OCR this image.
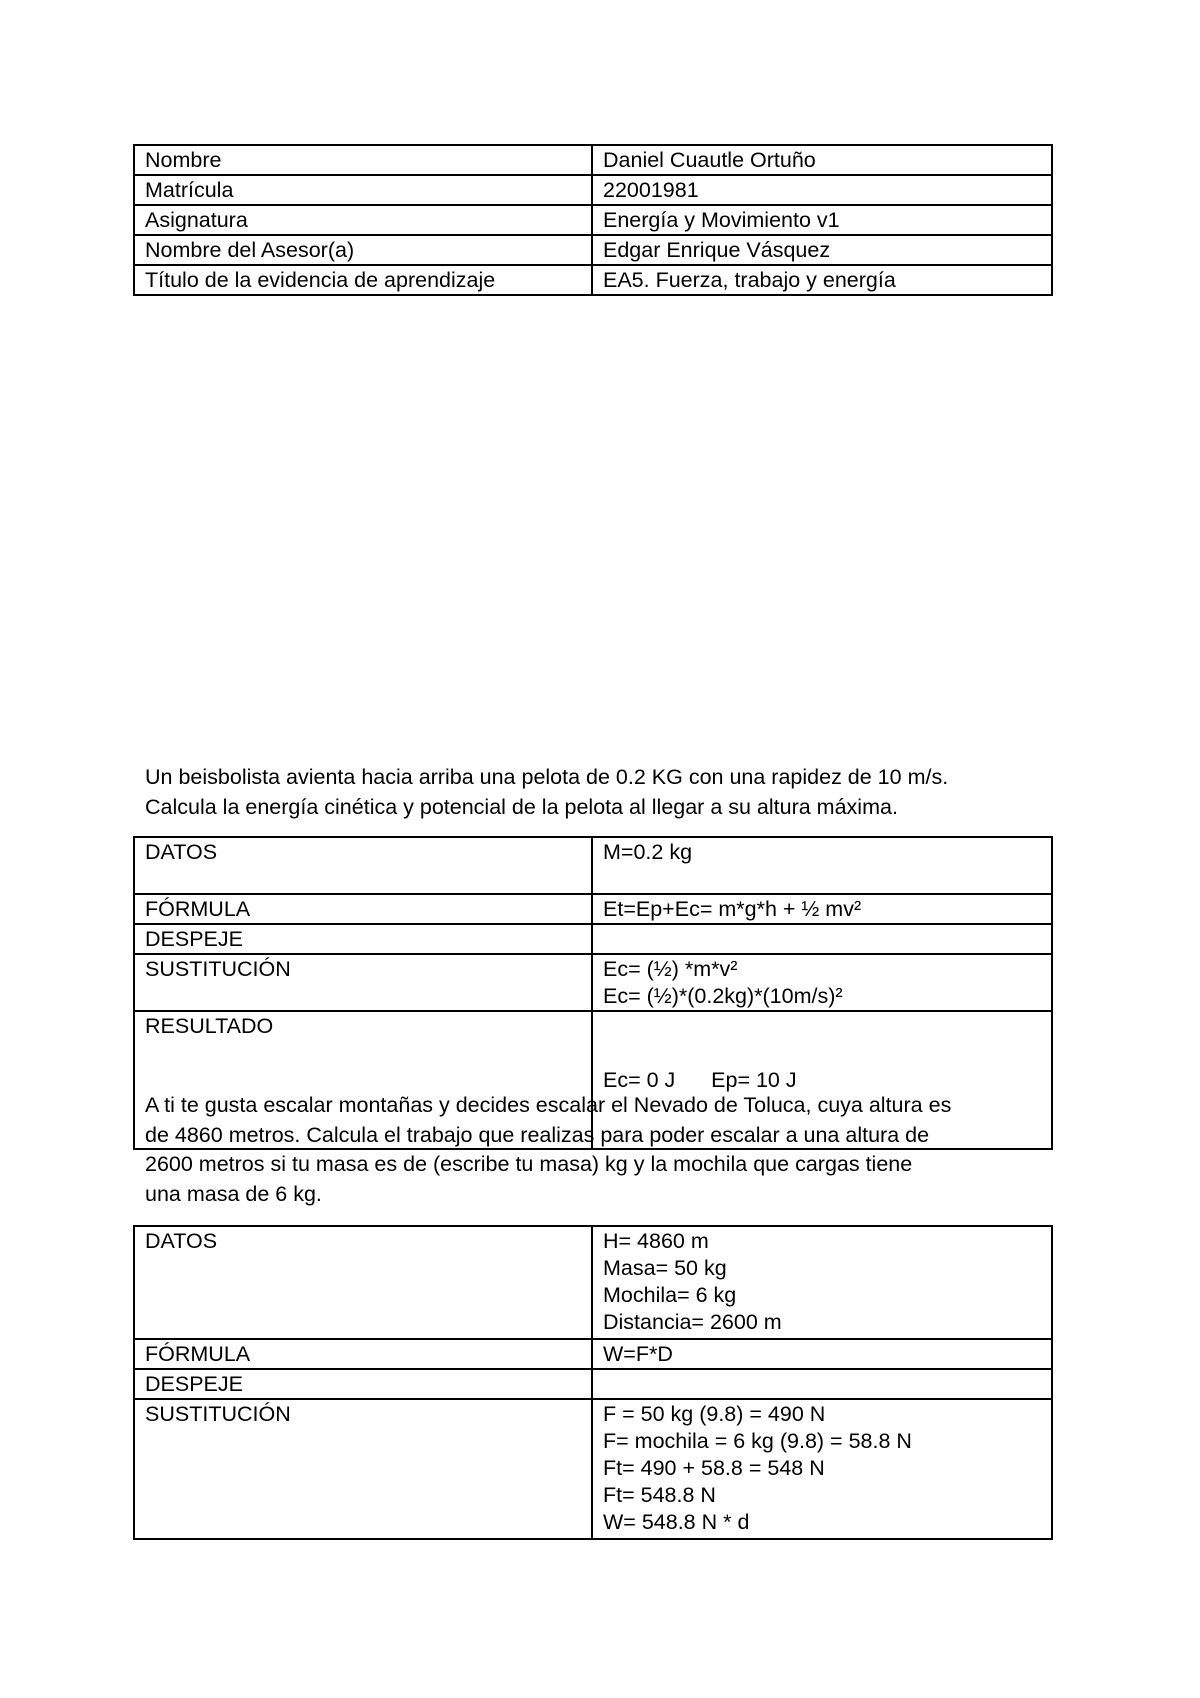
Nombre	Daniel Cuautle Ortuño
Matrícula	22001981
Asignatura	Energía y Movimiento v1
Nombre del Asesor(a)	Edgar Enrique Vásquez
Título de la evidencia de aprendizaje	EA5. Fuerza, trabajo y energía

Un beisbolista avienta hacia arriba una pelota de 0.2 KG con una rapidez de 10 m/s.
Calcula la energía cinética y potencial de la pelota al llegar a su altura máxima.

DATOS	M=0.2 kg

FÓRMULA	Et=Ep+Ec= m*g*h + ½ mv²

DESPEJE	

SUSTITUCIÓN	Ec= (½) *m*v²
Ec= (½)*(0.2kg)*(10m/s)²

RESULTADO	Ec= 0 J      Ep= 10 J

A ti te gusta escalar montañas y decides escalar el Nevado de Toluca, cuya altura es
de 4860 metros. Calcula el trabajo que realizas para poder escalar a una altura de
2600 metros si tu masa es de (escribe tu masa) kg y la mochila que cargas tiene
una masa de 6 kg.

DATOS	H= 4860 m
Masa= 50 kg
Mochila= 6 kg
Distancia= 2600 m

FÓRMULA	W=F*D

DESPEJE	

SUSTITUCIÓN	F = 50 kg (9.8) = 490 N
F= mochila = 6 kg (9.8) = 58.8 N
Ft= 490 + 58.8 = 548 N
Ft= 548.8 N
W= 548.8 N * d
